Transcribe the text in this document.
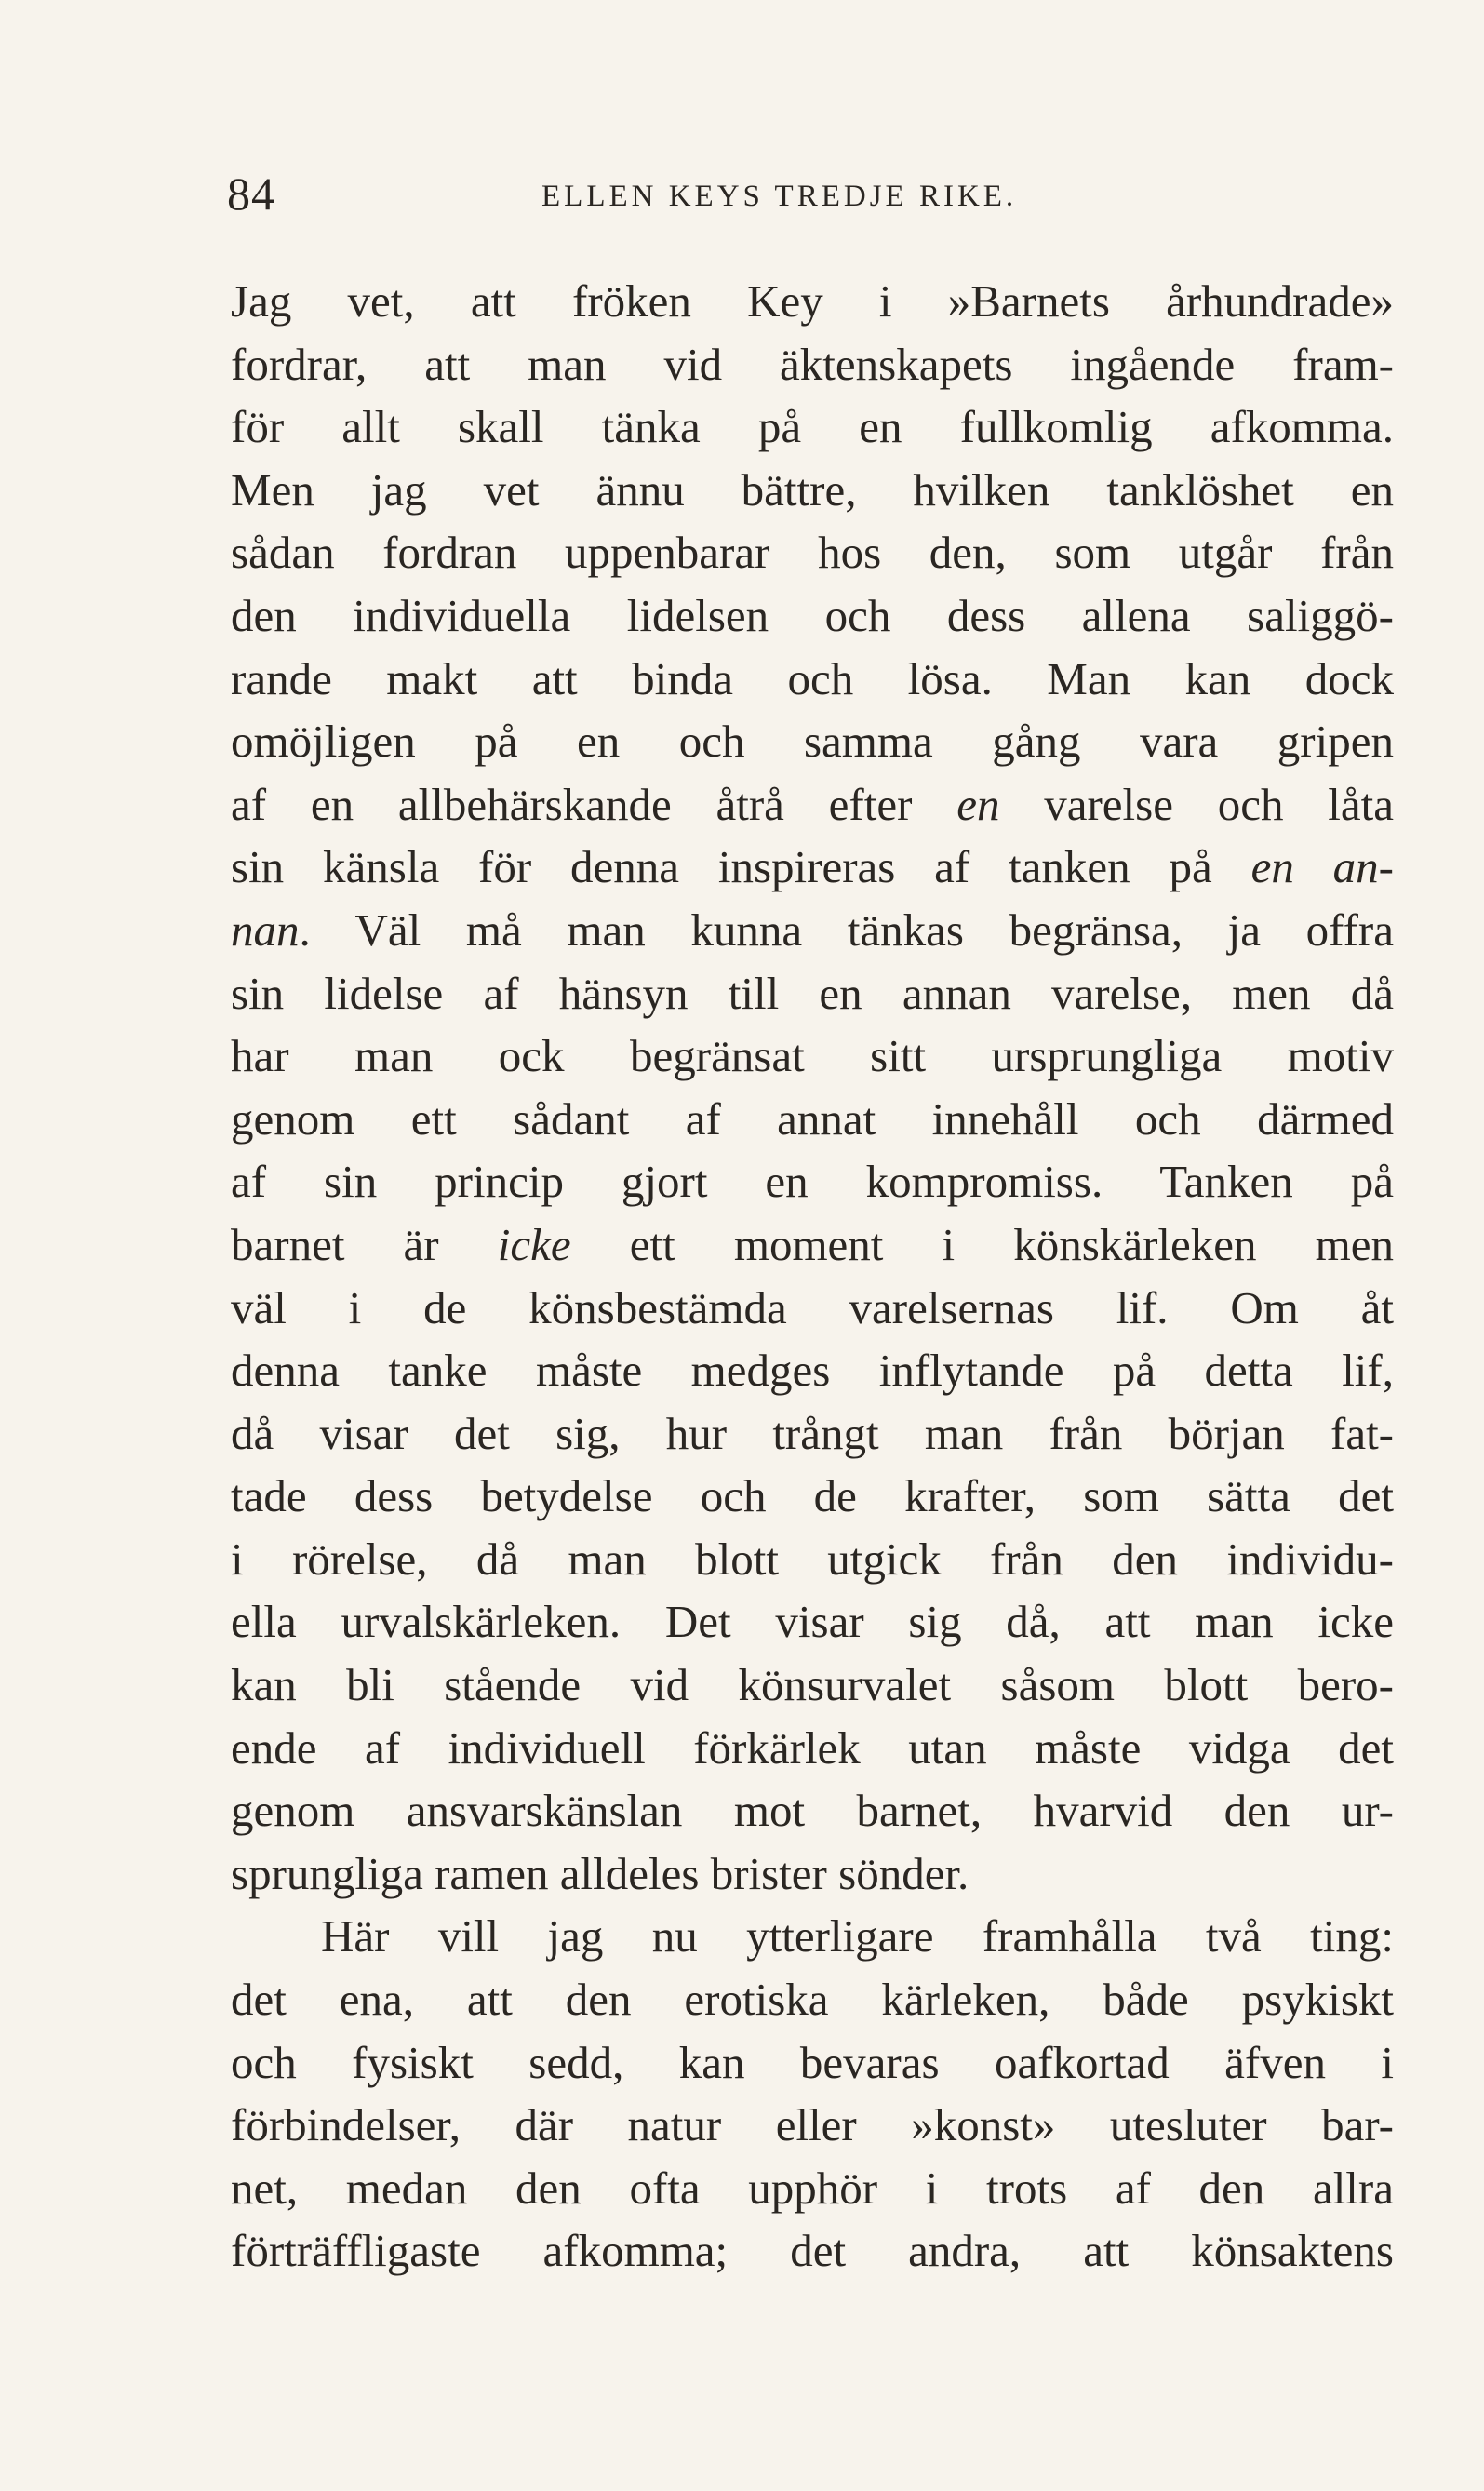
84	ELLEN KEYS TREDJE RIKE.
Jag vet, att fröken Key i »Barnets århundrade»
fordrar, att man vid äktenskapets ingående fram-
för allt skall tänka på en fullkomlig afkomma.
Men jag vet ännu bättre, hvilken tanklöshet en
sådan fordran uppenbarar hos den, som utgår från
den individuella lidelsen och dess allena saliggö-
rande makt att binda och lösa. Man kan dock
omöjligen på en och samma gång vara gripen
af en allbehärskande åtrå efter en varelse och låta
sin känsla för denna inspireras af tanken på en an-
nan. Väl må man kunna tänkas begränsa, ja offra
sin lidelse af hänsyn till en annan varelse, men då
har man ock begränsat sitt ursprungliga motiv
genom ett sådant af annat innehåll och därmed
af sin princip gjort en kompromiss. Tanken på
barnet är icke ett moment i könskärleken men
väl i de könsbestämda varelsernas lif. Om åt
denna tanke måste medges inflytande på detta lif,
då visar det sig, hur trångt man från början fat-
tade dess betydelse och de krafter, som sätta det
i rörelse, då man blott utgick från den individu-
ella urvalskärleken. Det visar sig då, att man icke
kan bli stående vid könsurvalet såsom blott bero-
ende af individuell förkärlek utan måste vidga det
genom ansvarskänslan mot barnet, hvarvid den ur-
sprungliga ramen alldeles brister sönder.
Här vill jag nu ytterligare framhålla två ting:
det ena, att den erotiska kärleken, både psykiskt
och fysiskt sedd, kan bevaras oafkortad äfven i
förbindelser, där natur eller »konst» utesluter bar-
net, medan den ofta upphör i trots af den allra
förträffligaste afkomma; det andra, att könsaktens
